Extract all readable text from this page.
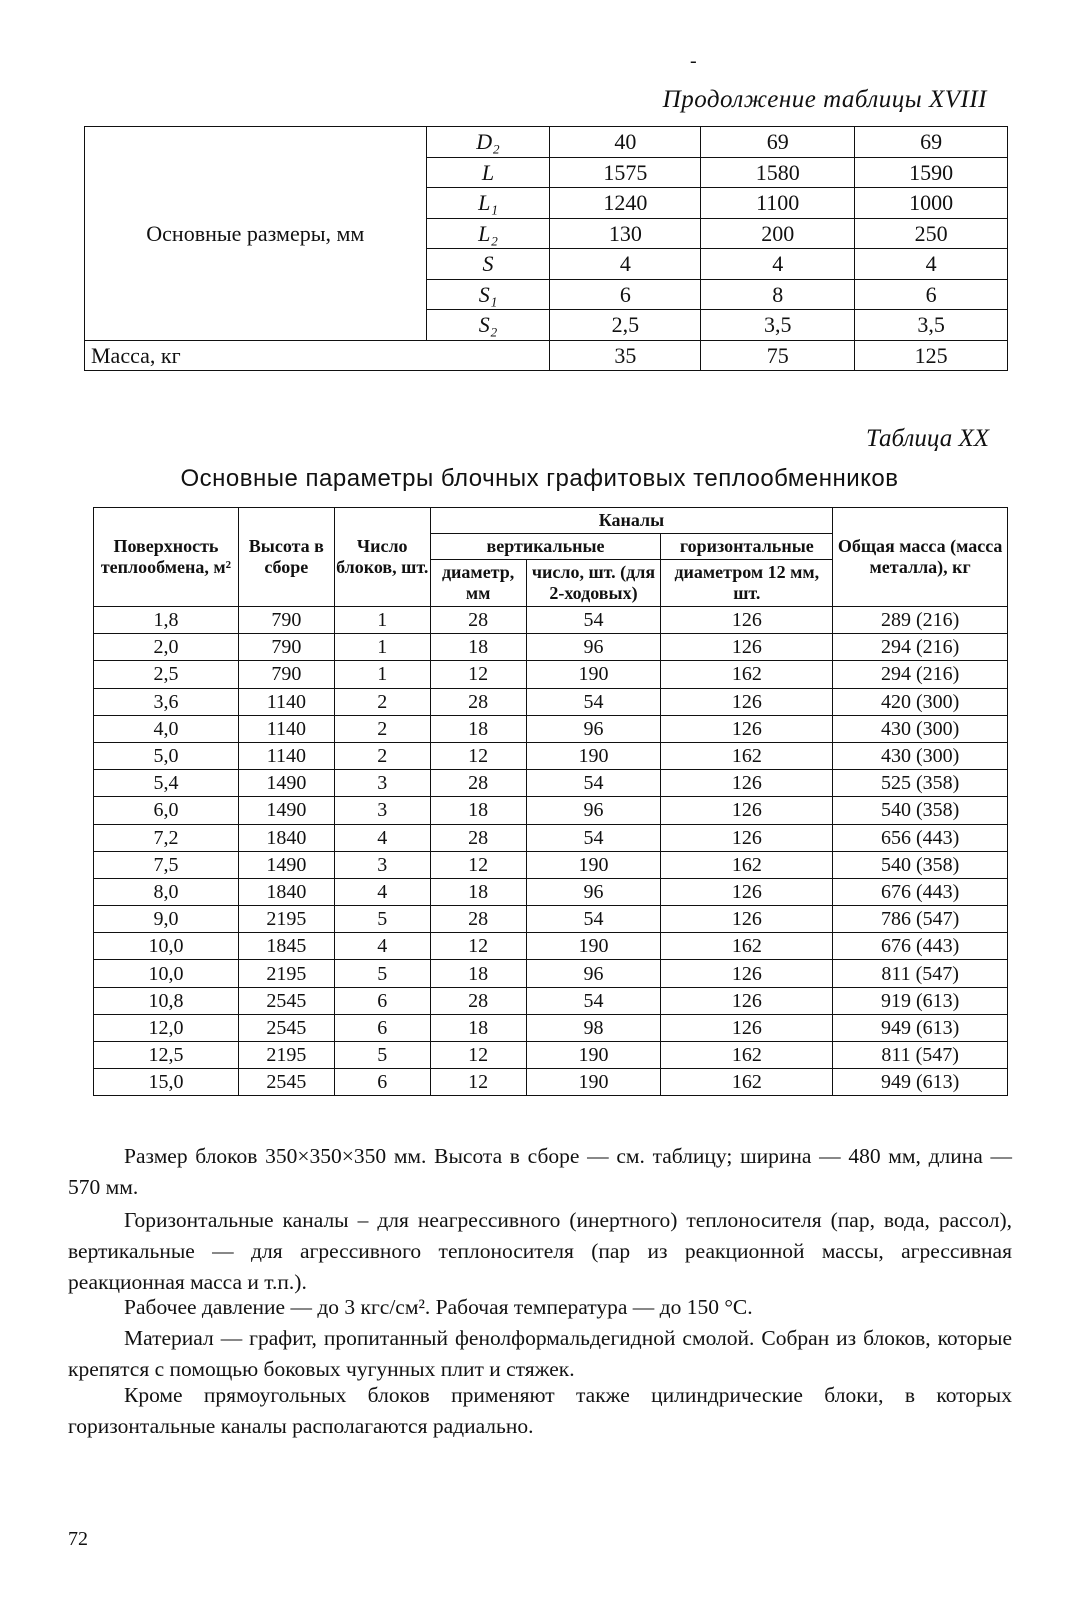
-
Продолжение таблицы XVIII
Основные размеры, мм	D₂	40	69	69
	L	1575	1580	1590
	L₁	1240	1100	1000
	L₂	130	200	250
	S	4	4	4
	S₁	6	8	6
	S₂	2,5	3,5	3,5
Масса, кг		35	75	125
Таблица XX
Основные параметры блочных графитовых теплообменников
Поверхность теплообмена, м²	Высота в сборе	Число блоков, шт.	Каналы			Общая масса (масса металла), кг
			вертикальные		горизонтальные	
			диаметр, мм	число, шт. (для 2-ходовых)	диаметром 12 мм, шт.	
1,8	790	1	28	54	126	289 (216)
2,0	790	1	18	96	126	294 (216)
2,5	790	1	12	190	162	294 (216)
3,6	1140	2	28	54	126	420 (300)
4,0	1140	2	18	96	126	430 (300)
5,0	1140	2	12	190	162	430 (300)
5,4	1490	3	28	54	126	525 (358)
6,0	1490	3	18	96	126	540 (358)
7,2	1840	4	28	54	126	656 (443)
7,5	1490	3	12	190	162	540 (358)
8,0	1840	4	18	96	126	676 (443)
9,0	2195	5	28	54	126	786 (547)
10,0	1845	4	12	190	162	676 (443)
10,0	2195	5	18	96	126	811 (547)
10,8	2545	6	28	54	126	919 (613)
12,0	2545	6	18	98	126	949 (613)
12,5	2195	5	12	190	162	811 (547)
15,0	2545	6	12	190	162	949 (613)
Размер блоков 350×350×350 мм. Высота в сборе — см. таблицу; ширина — 480 мм, длина — 570 мм.
Горизонтальные каналы – для неагрессивного (инертного) теплоносителя (пар, вода, рассол), вертикальные — для агрессивного теплоносителя (пар из реакционной массы, агрессивная реакционная масса и т.п.).
Рабочее давление — до 3 кгс/см². Рабочая температура — до 150 °С.
Материал — графит, пропитанный фенолформальдегидной смолой. Собран из блоков, которые крепятся с помощью боковых чугунных плит и стяжек.
Кроме прямоугольных блоков применяют также цилиндрические блоки, в которых горизонтальные каналы располагаются радиально.
72
